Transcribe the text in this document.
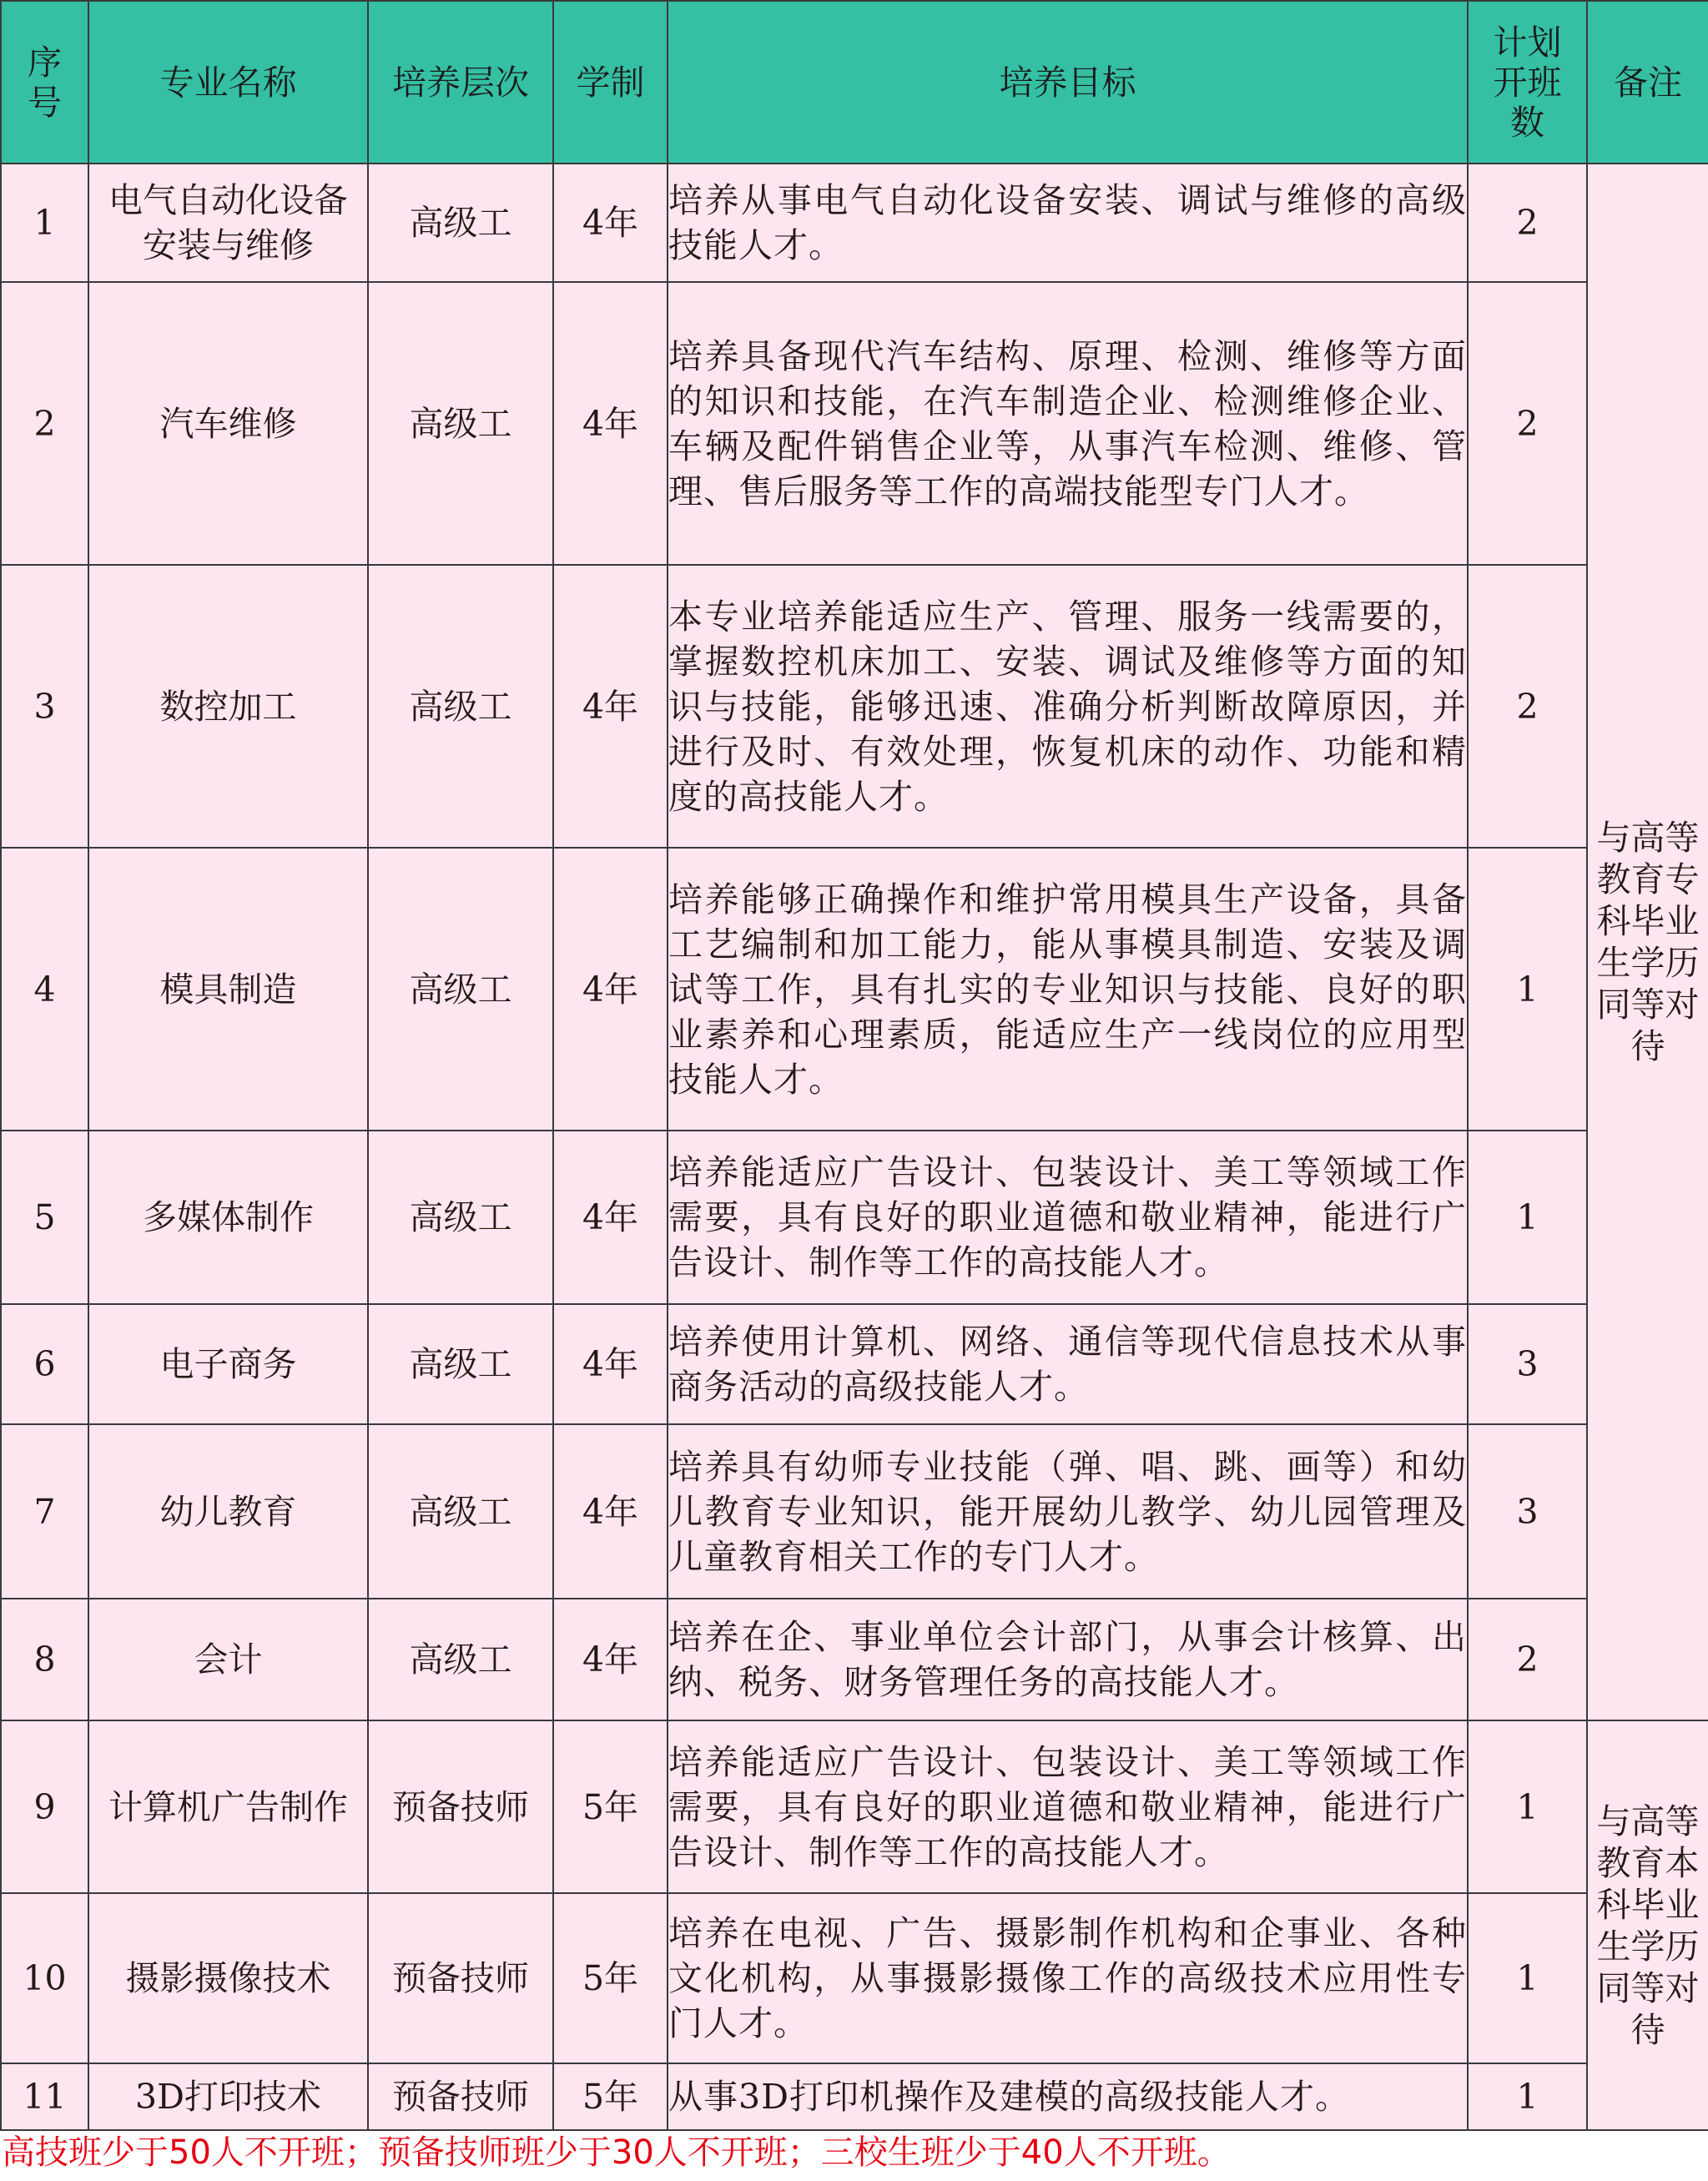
序号	专业名称	培养层次	学制	培养目标	计划开班数	备注
1	电气自动化设备安装与维修	高级工	4年	培养从事电气自动化设备安装、调试与维修的高级技能人才。	2	与高等教育专科毕业生学历同等对待

2	汽车维修	高级工	4年	培养具备现代汽车结构、原理、检测、维修等方面的知识和技能，在汽车制造企业、检测维修企业、车辆及配件销售企业等，从事汽车检测、维修、管理、售后服务等工作的高端技能型专门人才。	2	
3	数控加工	高级工	4年	本专业培养能适应生产、管理、服务一线需要的，掌握数控机床加工、安装、调试及维修等方面的知识与技能，能够迅速、准确分析判断故障原因，并进行及时、有效处理，恢复机床的动作、功能和精度的高技能人才。	2	
4	模具制造	高级工	4年	培养能够正确操作和维护常用模具生产设备，具备工艺编制和加工能力，能从事模具制造、安装及调试等工作，具有扎实的专业知识与技能、良好的职业素养和心理素质，能适应生产一线岗位的应用型技能人才。	1	
5	多媒体制作	高级工	4年	培养能适应广告设计、包装设计、美工等领域工作需要，具有良好的职业道德和敬业精神，能进行广告设计、制作等工作的高技能人才。	1	
6	电子商务	高级工	4年	培养使用计算机、网络、通信等现代信息技术从事商务活动的高级技能人才。	3	
7	幼儿教育	高级工	4年	培养具有幼师专业技能（弹、唱、跳、画等）和幼儿教育专业知识，能开展幼儿教学、幼儿园管理及儿童教育相关工作的专门人才。	3	
8	会计	高级工	4年	培养在企、事业单位会计部门，从事会计核算、出纳、税务、财务管理任务的高技能人才。	2	
9	计算机广告制作	预备技师	5年	培养能适应广告设计、包装设计、美工等领域工作需要，具有良好的职业道德和敬业精神，能进行广告设计、制作等工作的高技能人才。	1	与高等教育本科毕业生学历同等对待

10	摄影摄像技术	预备技师	5年	培养在电视、广告、摄影制作机构和企事业、各种文化机构，从事摄影摄像工作的高级技术应用性专门人才。	1	
11	3D打印技术	预备技师	5年	从事3D打印机操作及建模的高级技能人才。	1	
高技班少于50人不开班；预备技师班少于30人不开班；三校生班少于40人不开班。
